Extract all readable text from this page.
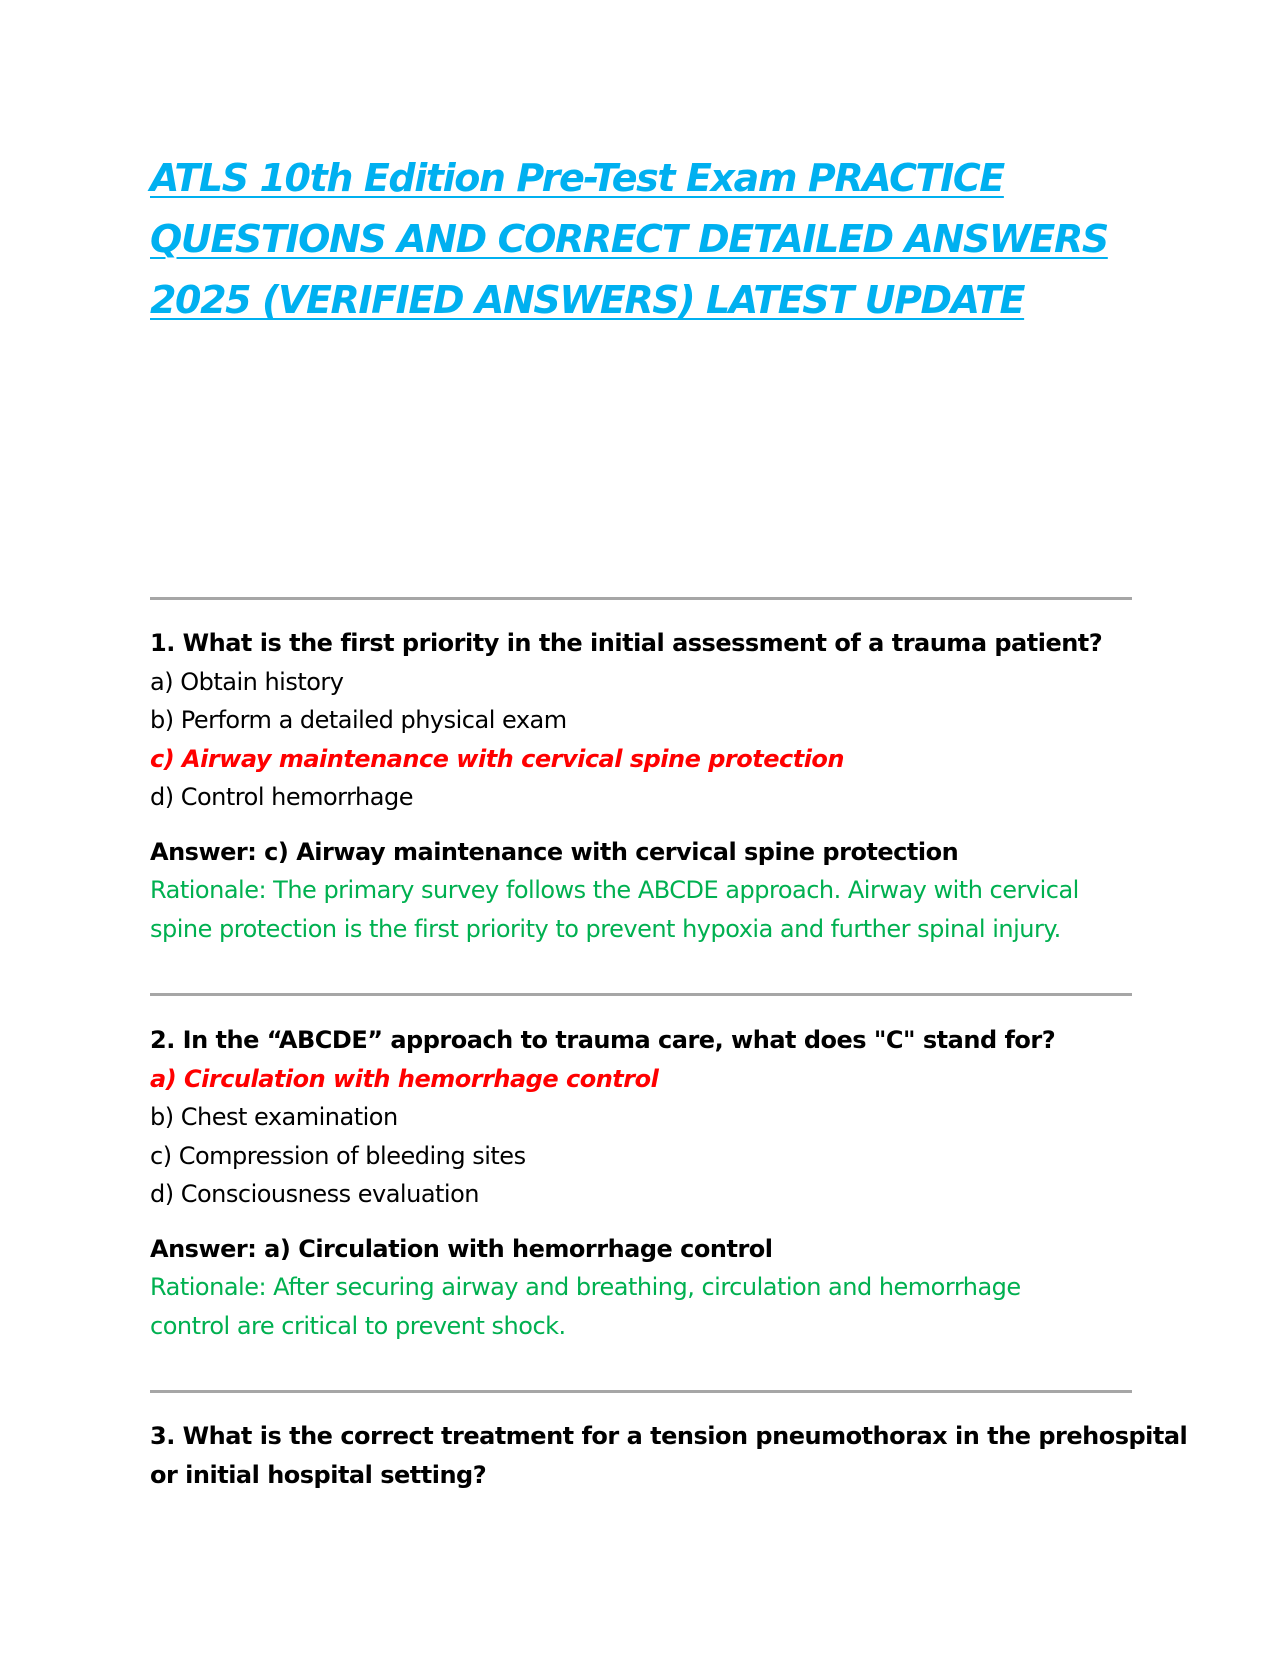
ATLS 10th Edition Pre-Test Exam PRACTICE
QUESTIONS AND CORRECT DETAILED ANSWERS
2025 (VERIFIED ANSWERS) LATEST UPDATE
1. What is the first priority in the initial assessment of a trauma patient?
a) Obtain history
b) Perform a detailed physical exam
c) Airway maintenance with cervical spine protection
d) Control hemorrhage
Answer: c) Airway maintenance with cervical spine protection
Rationale: The primary survey follows the ABCDE approach. Airway with cervical
spine protection is the first priority to prevent hypoxia and further spinal injury.
2. In the “ABCDE” approach to trauma care, what does "C" stand for?
a) Circulation with hemorrhage control
b) Chest examination
c) Compression of bleeding sites
d) Consciousness evaluation
Answer: a) Circulation with hemorrhage control
Rationale: After securing airway and breathing, circulation and hemorrhage
control are critical to prevent shock.
3. What is the correct treatment for a tension pneumothorax in the prehospital
or initial hospital setting?
